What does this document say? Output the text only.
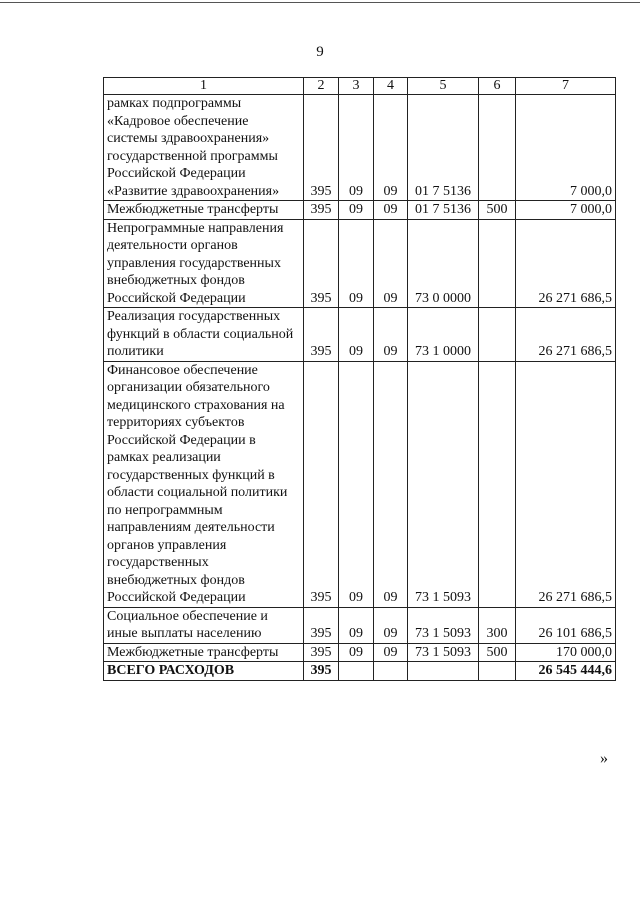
9
1	2	3	4	5	6	7
рамках подпрограммы «Кадровое обеспечение системы здравоохранения» государственной программы Российской Федерации «Развитие здравоохранения»	395	09	09	01 7 5136		7 000,0
Межбюджетные трансферты	395	09	09	01 7 5136	500	7 000,0
Непрограммные направления деятельности органов управления государственных внебюджетных фондов Российской Федерации	395	09	09	73 0 0000		26 271 686,5
Реализация государственных функций в области социальной политики	395	09	09	73 1 0000		26 271 686,5
Финансовое обеспечение организации обязательного медицинского страхования на территориях субъектов Российской Федерации в рамках реализации государственных функций в области социальной политики по непрограммным направлениям деятельности органов управления государственных внебюджетных фондов Российской Федерации	395	09	09	73 1 5093		26 271 686,5
Социальное обеспечение и иные выплаты населению	395	09	09	73 1 5093	300	26 101 686,5
Межбюджетные трансферты	395	09	09	73 1 5093	500	170 000,0
ВСЕГО РАСХОДОВ	395					26 545 444,6
»
